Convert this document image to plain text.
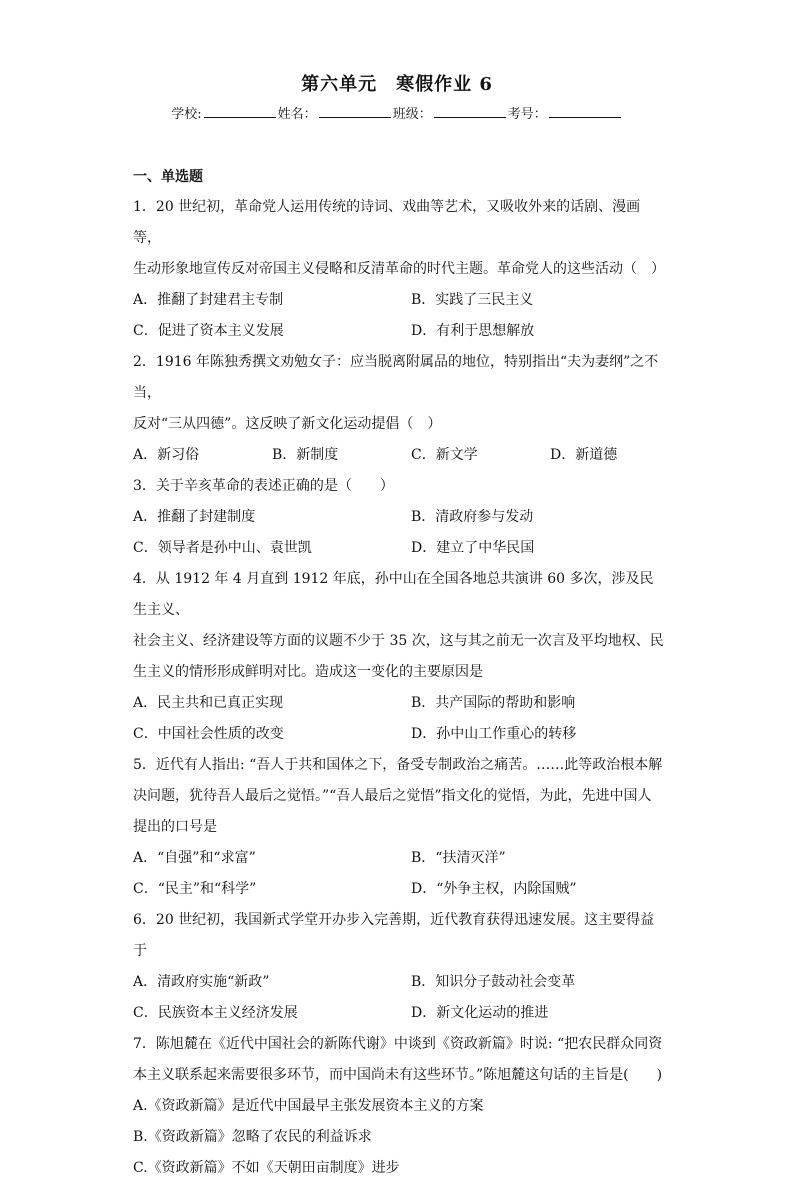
第六单元　寒假作业 6
学校:	姓名：	班级：	考号：
一、单选题

1．20 世纪初，革命党人运用传统的诗词、戏曲等艺术，又吸收外来的话剧、漫画等，

生动形象地宣传反对帝国主义侵略和反清革命的时代主题。革命党人的这些活动（　）

A．推翻了封建君主专制	B．实践了三民主义
C．促进了资本主义发展	D．有利于思想解放

2．1916 年陈独秀撰文劝勉女子：应当脱离附属品的地位，特别指出“夫为妻纲”之不当，

反对“三从四德”。这反映了新文化运动提倡（　）

A．新习俗	B．新制度	C．新文学	D．新道德

3．关于辛亥革命的表述正确的是（　　）

A．推翻了封建制度	B．清政府参与发动
C．领导者是孙中山、袁世凯	D．建立了中华民国

4．从 1912 年 4 月直到 1912 年底，孙中山在全国各地总共演讲 60 多次，涉及民生主义、

社会主义、经济建设等方面的议题不少于 35 次，这与其之前无一次言及平均地权、民

生主义的情形形成鲜明对比。造成这一变化的主要原因是

A．民主共和已真正实现	B．共产国际的帮助和影响
C．中国社会性质的改变	D．孙中山工作重心的转移

5．近代有人指出: “吾人于共和国体之下，备受专制政治之痛苦。……此等政治根本解

决问题，犹待吾人最后之觉悟。”“吾人最后之觉悟”指文化的觉悟，为此，先进中国人

提出的口号是

A．“自强”和“求富”	B．“扶清灭洋”
C．“民主”和“科学”	D．“外争主权，内除国贼”

6．20 世纪初，我国新式学堂开办步入完善期，近代教育获得迅速发展。这主要得益于

A．清政府实施“新政”	B．知识分子鼓动社会变革
C．民族资本主义经济发展	D．新文化运动的推进

7．陈旭麓在《近代中国社会的新陈代谢》中谈到《资政新篇》时说: “把农民群众同资

本主义联系起来需要很多环节，而中国尚未有这些环节。”陈旭麓这句话的主旨是(　　)

A.《资政新篇》是近代中国最早主张发展资本主义的方案
B.《资政新篇》忽略了农民的利益诉求
C.《资政新篇》不如《天朝田亩制度》进步
